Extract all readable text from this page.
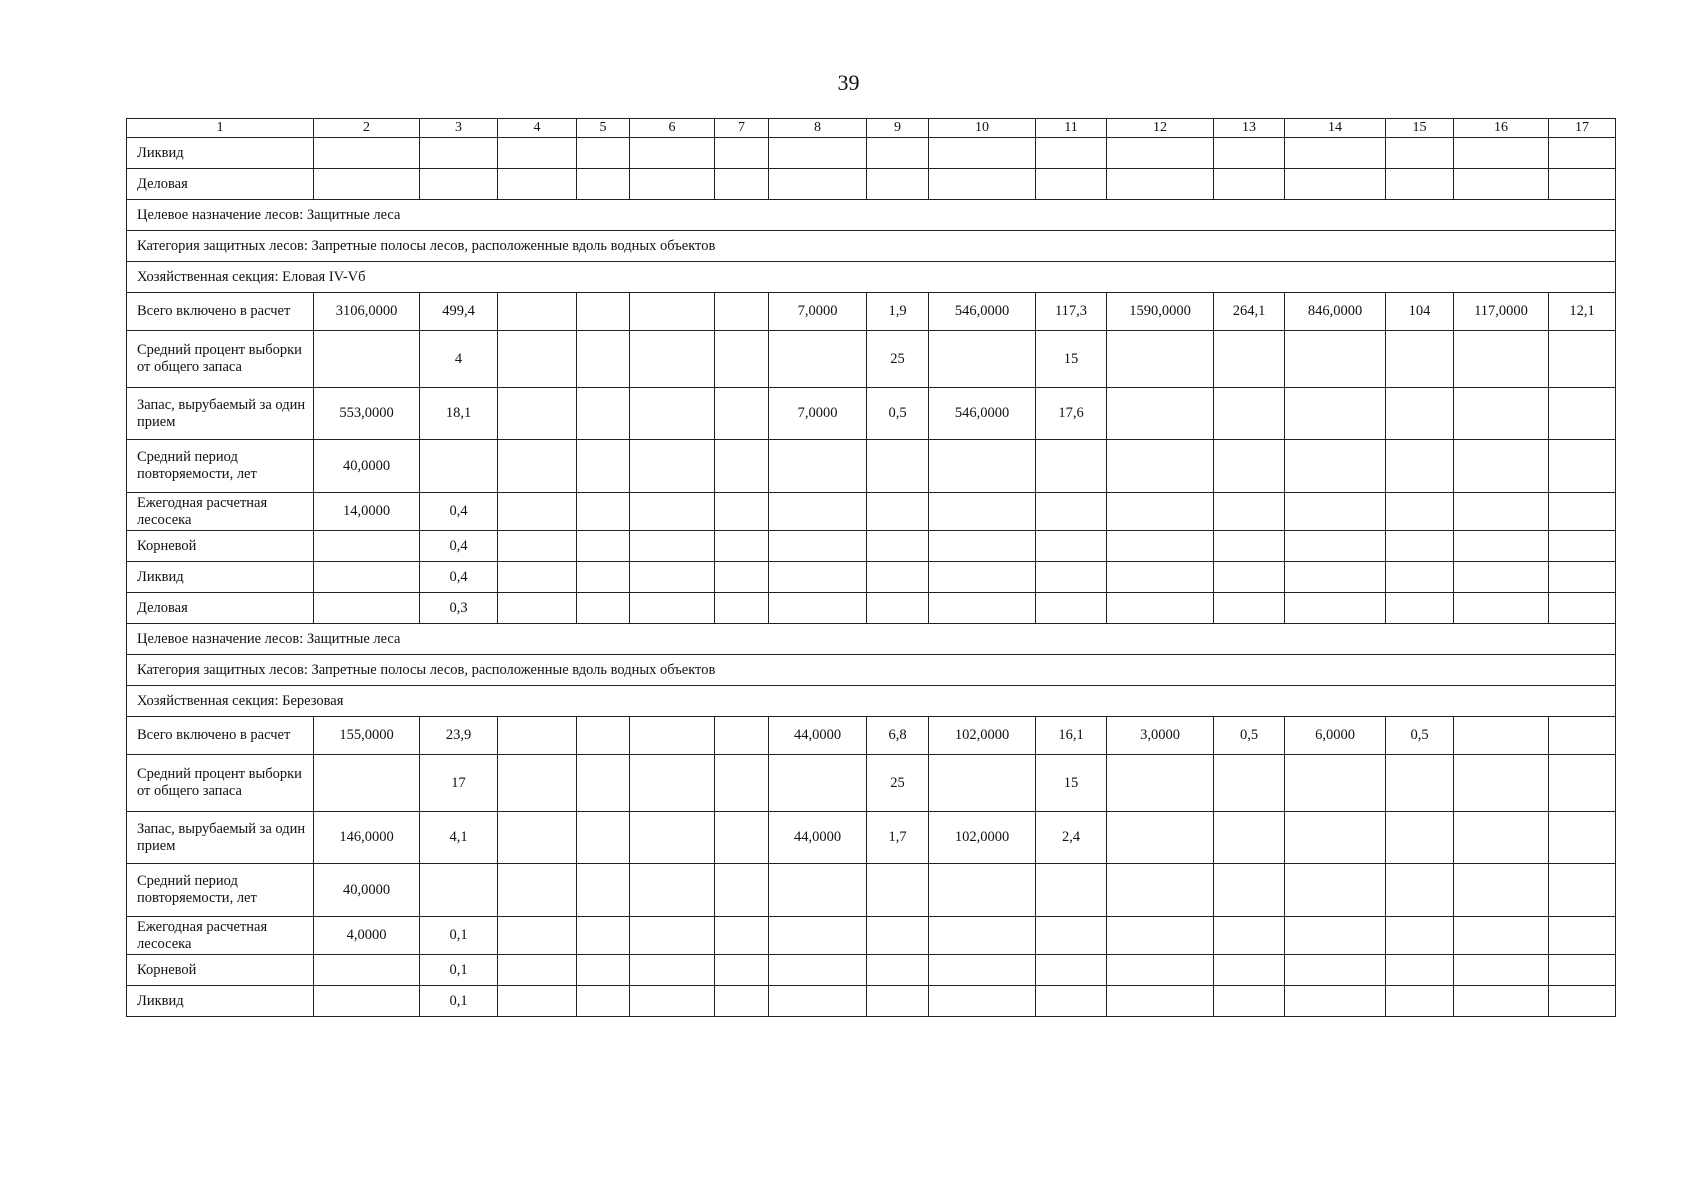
39
1	2	3	4	5	6	7	8	9	10	11	12	13	14	15	16	17
Ликвид																
Деловая																
Целевое назначение лесов: Защитные леса																
Категория защитных лесов: Запретные полосы лесов, расположенные вдоль водных объектов																
Хозяйственная секция: Еловая IV-Vб																
Всего включено в расчет	3106,0000	499,4					7,0000	1,9	546,0000	117,3	1590,0000	264,1	846,0000	104	117,0000	12,1
Средний процент выборки от общего запаса		4						25		15						
Запас, вырубаемый за один прием	553,0000	18,1					7,0000	0,5	546,0000	17,6						
Средний период повторяемости, лет	40,0000															
Ежегодная расчетная лесосека	14,0000	0,4														
Корневой		0,4														
Ликвид		0,4														
Деловая		0,3														
Целевое назначение лесов: Защитные леса																
Категория защитных лесов: Запретные полосы лесов, расположенные вдоль водных объектов																
Хозяйственная секция: Березовая																
Всего включено в расчет	155,0000	23,9					44,0000	6,8	102,0000	16,1	3,0000	0,5	6,0000	0,5		
Средний процент выборки от общего запаса		17						25		15						
Запас, вырубаемый за один прием	146,0000	4,1					44,0000	1,7	102,0000	2,4						
Средний период повторяемости, лет	40,0000															
Ежегодная расчетная лесосека	4,0000	0,1														
Корневой		0,1														
Ликвид		0,1														
